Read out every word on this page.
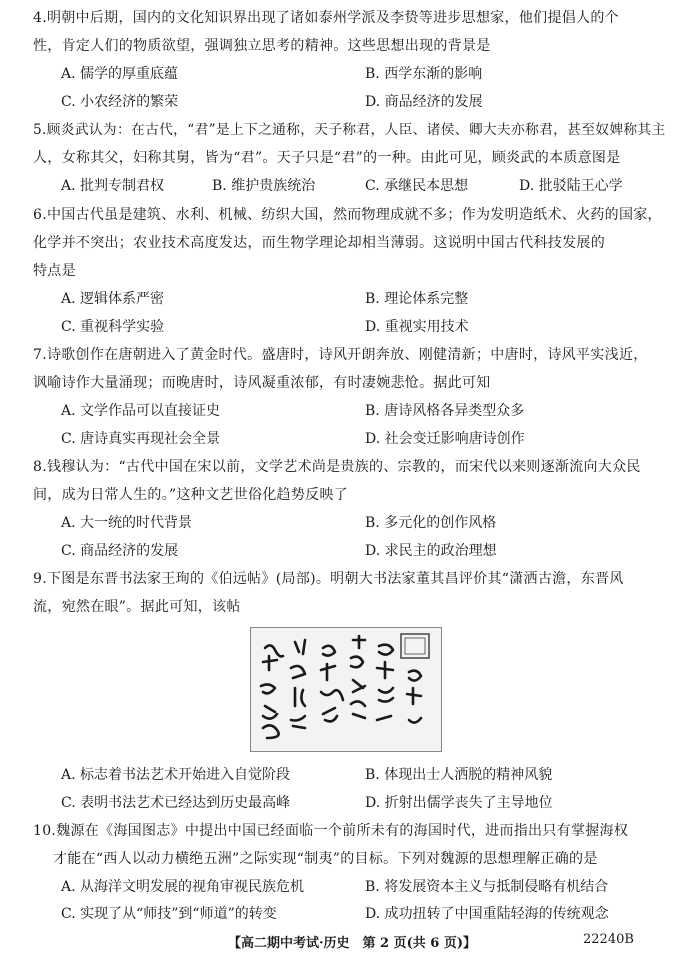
4.明朝中后期，国内的文化知识界出现了诸如泰州学派及李贽等进步思想家，他们提倡人的个
性，肯定人们的物质欲望，强调独立思考的精神。这些思想出现的背景是
A. 儒学的厚重底蕴	B. 西学东渐的影响
C. 小农经济的繁荣	D. 商品经济的发展
5.顾炎武认为：在古代，“君”是上下之通称，天子称君，人臣、诸侯、卿大夫亦称君，甚至奴婢称其主
人，女称其父，妇称其舅，皆为“君”。天子只是“君”的一种。由此可见，顾炎武的本质意图是
A. 批判专制君权	B. 维护贵族统治	C. 承继民本思想	D. 批驳陆王心学
6.中国古代虽是建筑、水利、机械、纺织大国，然而物理成就不多；作为发明造纸术、火药的国家，
化学并不突出；农业技术高度发达，而生物学理论却相当薄弱。这说明中国古代科技发展的
特点是
A. 逻辑体系严密	B. 理论体系完整
C. 重视科学实验	D. 重视实用技术
7.诗歌创作在唐朝进入了黄金时代。盛唐时，诗风开朗奔放、刚健清新；中唐时，诗风平实浅近，
讽喻诗作大量涌现；而晚唐时，诗风凝重浓郁，有时凄婉悲怆。据此可知
A. 文学作品可以直接证史	B. 唐诗风格各异类型众多
C. 唐诗真实再现社会全景	D. 社会变迁影响唐诗创作
8.钱穆认为：“古代中国在宋以前，文学艺术尚是贵族的、宗教的，而宋代以来则逐渐流向大众民
间，成为日常人生的。”这种文艺世俗化趋势反映了
A. 大一统的时代背景	B. 多元化的创作风格
C. 商品经济的发展	D. 求民主的政治理想
9.下图是东晋书法家王珣的《伯远帖》(局部)。明朝大书法家董其昌评价其“潇洒古澹，东晋风
流，宛然在眼”。据此可知，该帖
A. 标志着书法艺术开始进入自觉阶段	B. 体现出士人洒脱的精神风貌
C. 表明书法艺术已经达到历史最高峰	D. 折射出儒学丧失了主导地位
10.魏源在《海国图志》中提出中国已经面临一个前所未有的海国时代，进而指出只有掌握海权
才能在“西人以动力横绝五洲”之际实现“制夷”的目标。下列对魏源的思想理解正确的是
A. 从海洋文明发展的视角审视民族危机	B. 将发展资本主义与抵制侵略有机结合
C. 实现了从“师技”到“师道”的转变	D. 成功扭转了中国重陆轻海的传统观念
【高二期中考试·历史　第 2 页(共 6 页)】	22240B
